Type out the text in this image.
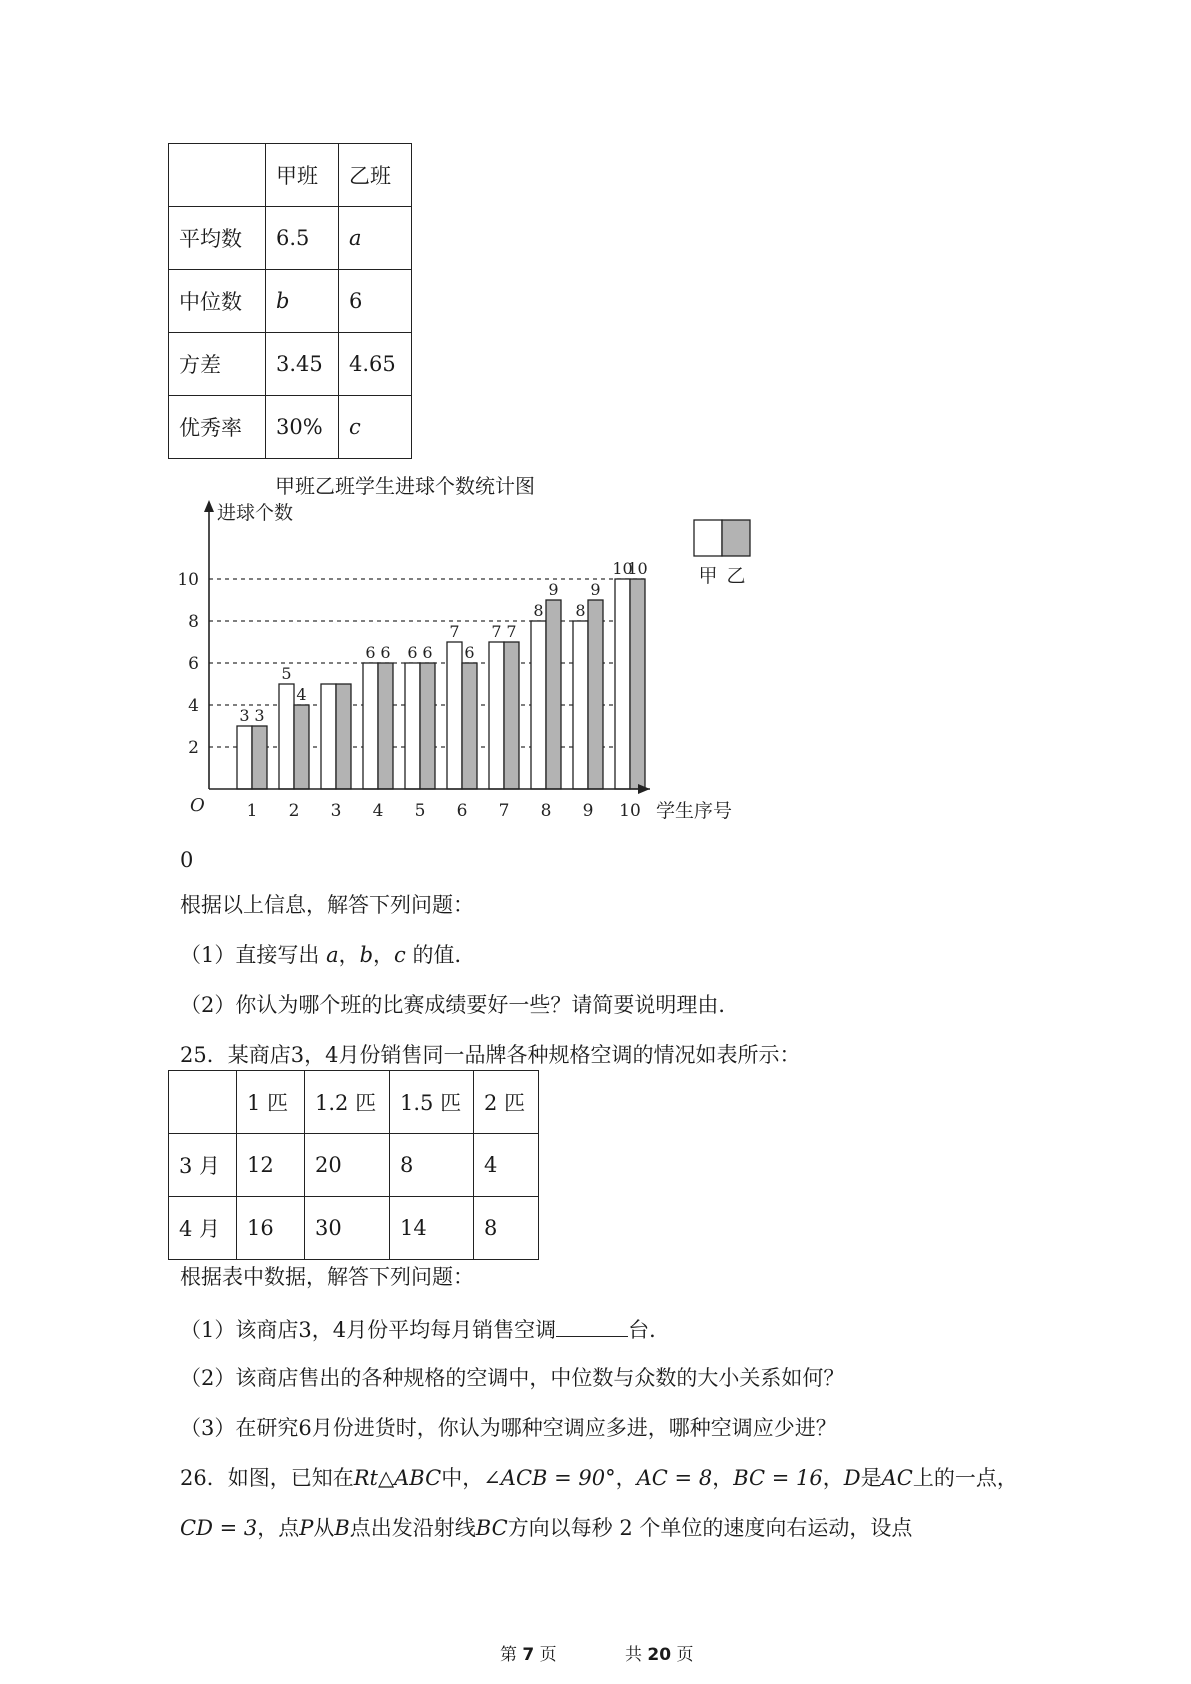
	甲班	乙班
平均数	6.5	a
中位数	b	6
方差	3.45	4.65
优秀率	30%	c
甲班乙班学生进球个数统计图
2
4
6
8
10
3 3
1
5
4
2 3
6 6
4
6 6
5
7
6
6
7 7
7
8
9
8
8
9
9
10
10
10
O
进球个数
学生序号
甲 乙
0
根据以上信息，解答下列问题：
（1）直接写出 a，b，c 的值．
（2）你认为哪个班的比赛成绩要好一些？请简要说明理由．
25．某商店3，4月份销售同一品牌各种规格空调的情况如表所示：
	1 匹	1.2 匹	1.5 匹	2 匹
3 月	12	20	8	4
4 月	16	30	14	8
根据表中数据，解答下列问题：
（1）该商店3，4月份平均每月销售空调	台．
（2）该商店售出的各种规格的空调中，中位数与众数的大小关系如何？
（3）在研究6月份进货时，你认为哪种空调应多进，哪种空调应少进？
26．如图，已知在Rt△ABC中，∠ACB = 90°，AC = 8，BC = 16，D是AC上的一点，
CD = 3，点P从B点出发沿射线BC方向以每秒 2 个单位的速度向右运动，设点
第 7 页	共 20 页
